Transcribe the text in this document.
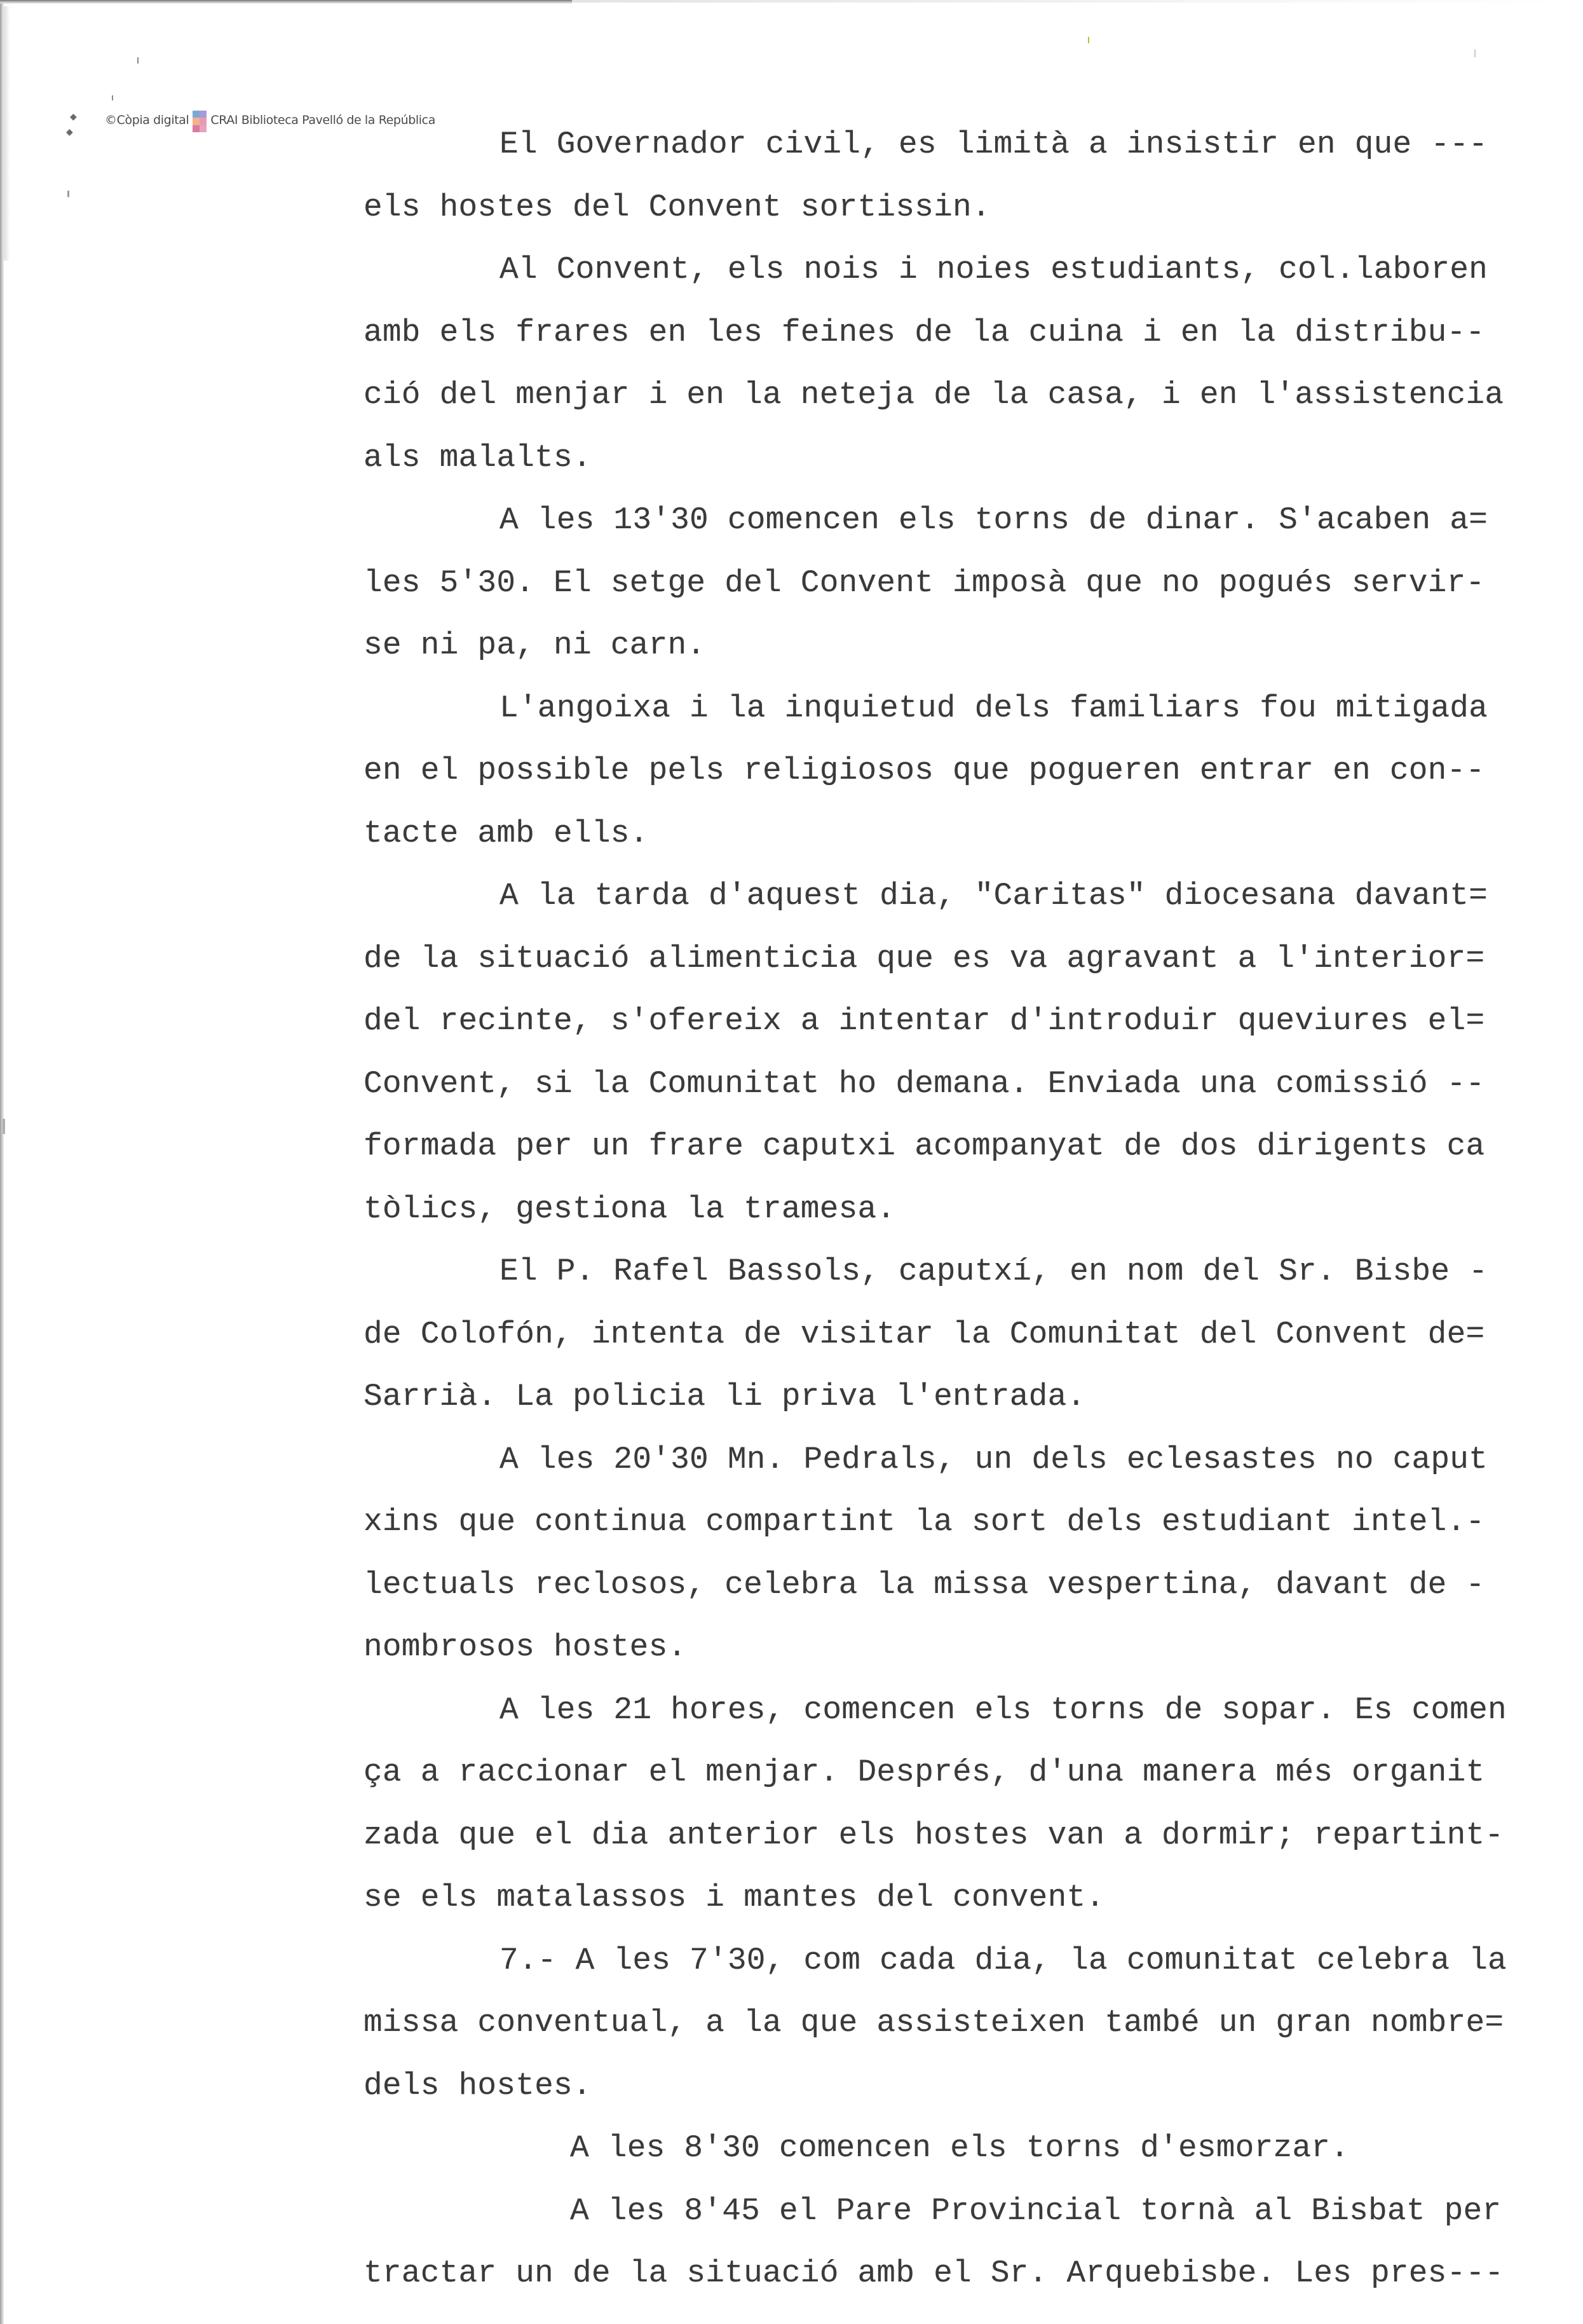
◆
◆
©Còpia digital CRAI Biblioteca Pavelló de la República
El Governador civil, es limità a insistir en que ---
els hostes del Convent sortissin.
Al Convent, els nois i noies estudiants, col.laboren
amb els frares en les feines de la cuina i en la distribu--
ció del menjar i en la neteja de la casa, i en l'assistencia
als malalts.
A les 13'30 comencen els torns de dinar. S'acaben a=
les 5'30. El setge del Convent imposà que no pogués servir-
se ni pa, ni carn.
L'angoixa i la inquietud dels familiars fou mitigada
en el possible pels religiosos que pogueren entrar en con--
tacte amb ells.
A la tarda d'aquest dia, "Caritas" diocesana davant=
de la situació alimenticia que es va agravant a l'interior=
del recinte, s'ofereix a intentar d'introduir queviures el=
Convent, si la Comunitat ho demana. Enviada una comissió --
formada per un frare caputxi acompanyat de dos dirigents ca
tòlics, gestiona la tramesa.
El P. Rafel Bassols, caputxí, en nom del Sr. Bisbe -
de Colofón, intenta de visitar la Comunitat del Convent de=
Sarrià. La policia li priva l'entrada.
A les 20'30 Mn. Pedrals, un dels eclesastes no caput
xins que continua compartint la sort dels estudiant intel.-
lectuals reclosos, celebra la missa vespertina, davant de -
nombrosos hostes.
A les 21 hores, comencen els torns de sopar. Es comen
ça a raccionar el menjar. Després, d'una manera més organit
zada que el dia anterior els hostes van a dormir; repartint-
se els matalassos i mantes del convent.
7.- A les 7'30, com cada dia, la comunitat celebra la
missa conventual, a la que assisteixen també un gran nombre=
dels hostes.
A les 8'30 comencen els torns d'esmorzar.
A les 8'45 el Pare Provincial tornà al Bisbat per
tractar un de la situació amb el Sr. Arquebisbe. Les pres---
